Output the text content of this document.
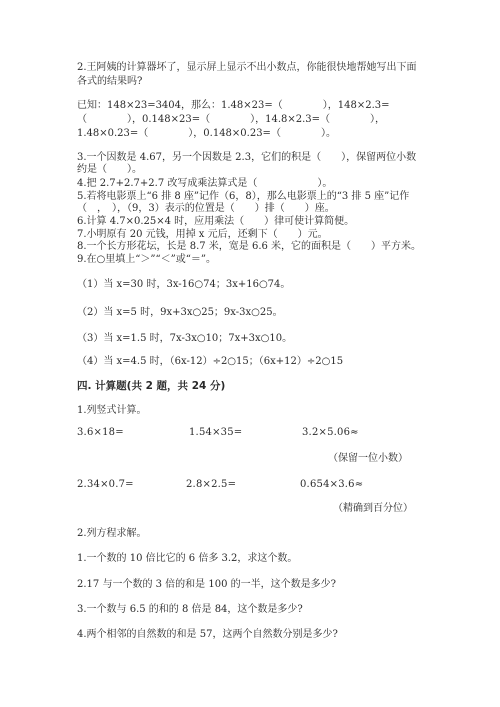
2.王阿姨的计算器坏了，显示屏上显示不出小数点，你能很快地帮她写出下面
各式的结果吗?
已知：148×23=3404，那么：1.48×23=（　　　　），148×2.3=
（　　　　），0.148×23=（　　　　），14.8×2.3=（　　　　），
1.48×0.23=（　　　　），0.148×0.23=（　　　　）。
3.一个因数是 4.67，另一个因数是 2.3，它们的积是（　　），保留两位小数
约是（　　）。
4.把 2.7+2.7+2.7 改写成乘法算式是（　　　　　　）。
5.若将电影票上“6 排 8 座”记作（6，8），那么电影票上的“3 排 5 座”记作
（　，　），（9，3）表示的位置是（　　）排（　　）座。
6.计算 4.7×0.25×4 时，应用乘法（　　）律可使计算简便。
7.小明原有 20 元钱，用掉 x 元后，还剩下（　　）元。
8.一个长方形花坛，长是 8.7 米，宽是 6.6 米，它的面积是（　　）平方米。
9.在○里填上“＞”“＜”或“＝”。
（1）当 x=30 时，3x-16○74；3x+16○74。
（2）当 x=5 时，9x+3x○25；9x-3x○25。
（3）当 x=1.5 时，7x-3x○10；7x+3x○10。
（4）当 x=4.5 时，（6x-12）÷2○15；（6x+12）÷2○15
四. 计算题(共 2 题，共 24 分)
1.列竖式计算。
3.6×18=	1.54×35=	3.2×5.06≈
（保留一位小数）
2.34×0.7=	2.8×2.5=	0.654×3.6≈
（精确到百分位）
2.列方程求解。
1.一个数的 10 倍比它的 6 倍多 3.2，求这个数。
2.17 与一个数的 3 倍的和是 100 的一半，这个数是多少?
3.一个数与 6.5 的和的 8 倍是 84，这个数是多少?
4.两个相邻的自然数的和是 57，这两个自然数分别是多少?
